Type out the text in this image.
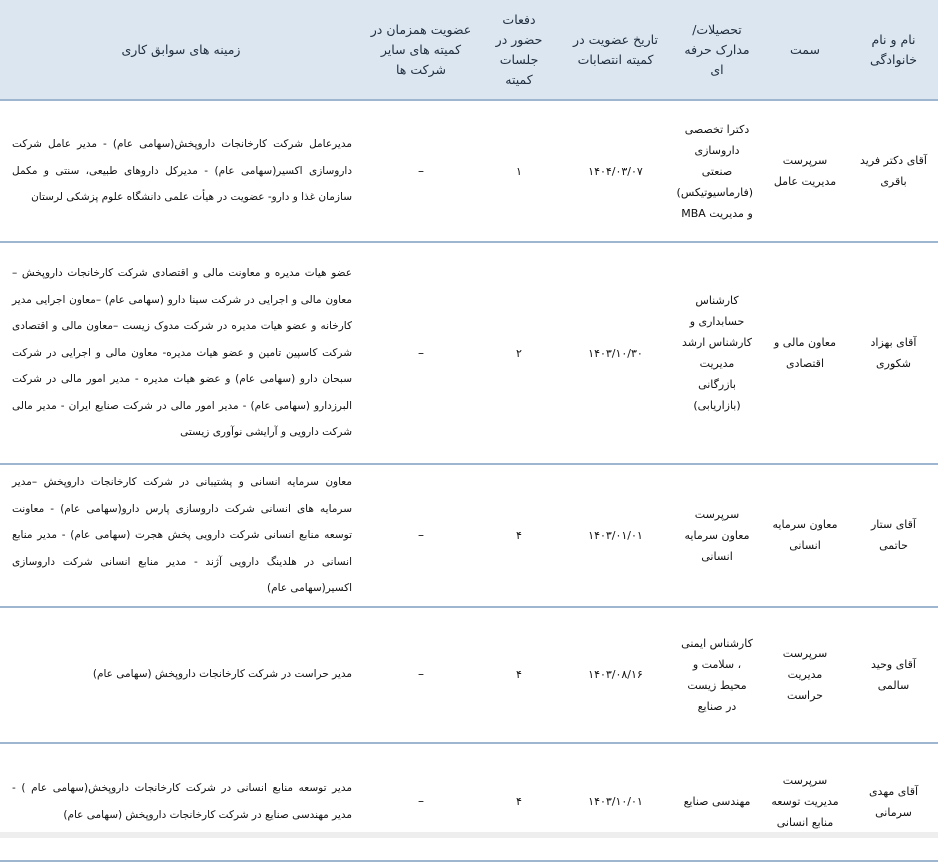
نام و نام خانوادگی	سمت	تحصیلات/ مدارک حرفه ای	تاریخ عضویت در کمیته انتصابات	دفعات حضور در جلسات کمیته	عضویت همزمان در کمیته های سایر شرکت ها	زمینه های سوابق کاری
آقای دکتر فرید باقری	سرپرست مدیریت عامل	دکترا تخصصی داروسازی صنعتی (فارماسیوتیکس) و مدیریت MBA	۱۴۰۴/۰۳/۰۷	۱	–	مدیرعامل شرکت کارخانجات داروپخش(سهامی عام) - مدیر عامل شرکت داروسازی اکسیر(سهامی عام) - مدیرکل داروهای طبیعی، سنتی و مکمل سازمان غذا و دارو- عضویت در هیأت علمی دانشگاه علوم پزشکی لرستان
آقای بهزاد شکوری	معاون مالی و اقتصادی	کارشناس حسابداری و کارشناس ارشد مدیریت بازرگانی (بازاریابی)	۱۴۰۳/۱۰/۳۰	۲	–	عضو هیات مدیره و معاونت مالی و اقتصادی شرکت کارخانجات داروپخش –معاون مالی و اجرایی در شرکت سینا دارو (سهامی عام) –معاون اجرایی مدیر کارخانه و عضو هیات مدیره در شرکت مدوک زیست –معاون مالی و اقتصادی شرکت کاسپین تامین و عضو هیات مدیره- معاون مالی و اجرایی در شرکت سبحان دارو (سهامی عام) و عضو هیات مدیره - مدیر امور مالی در شرکت البرزدارو (سهامی عام) - مدیر امور مالی در شرکت صنایع ایران - مدیر مالی شرکت دارویی و آرایشی نوآوری زیستی
آقای ستار حاتمی	معاون سرمایه انسانی	سرپرست معاون سرمایه انسانی	۱۴۰۳/۰۱/۰۱	۴	–	معاون سرمایه انسانی و پشتیبانی در شرکت کارخانجات داروپخش –مدیر سرمایه های انسانی شرکت داروسازی پارس دارو(سهامی عام) - معاونت توسعه منابع انسانی شرکت دارویی پخش هجرت (سهامی عام) - مدیر منابع انسانی در هلدینگ دارویی آژند - مدیر منابع انسانی شرکت داروسازی اکسیر(سهامی عام)
آقای وحید سالمی	سرپرست مدیریت حراست	کارشناس ایمنی ، سلامت و محیط زیست در صنایع	۱۴۰۳/۰۸/۱۶	۴	–	مدیر حراست در شرکت کارخانجات داروپخش (سهامی عام)
آقای مهدی سرمانی	سرپرست مدیریت توسعه منابع انسانی	مهندسی صنایع	۱۴۰۳/۱۰/۰۱	۴	–	مدیر توسعه منابع انسانی در شرکت کارخانجات داروپخش(سهامی عام ) - مدیر مهندسی صنایع در شرکت کارخانجات داروپخش (سهامی عام)
